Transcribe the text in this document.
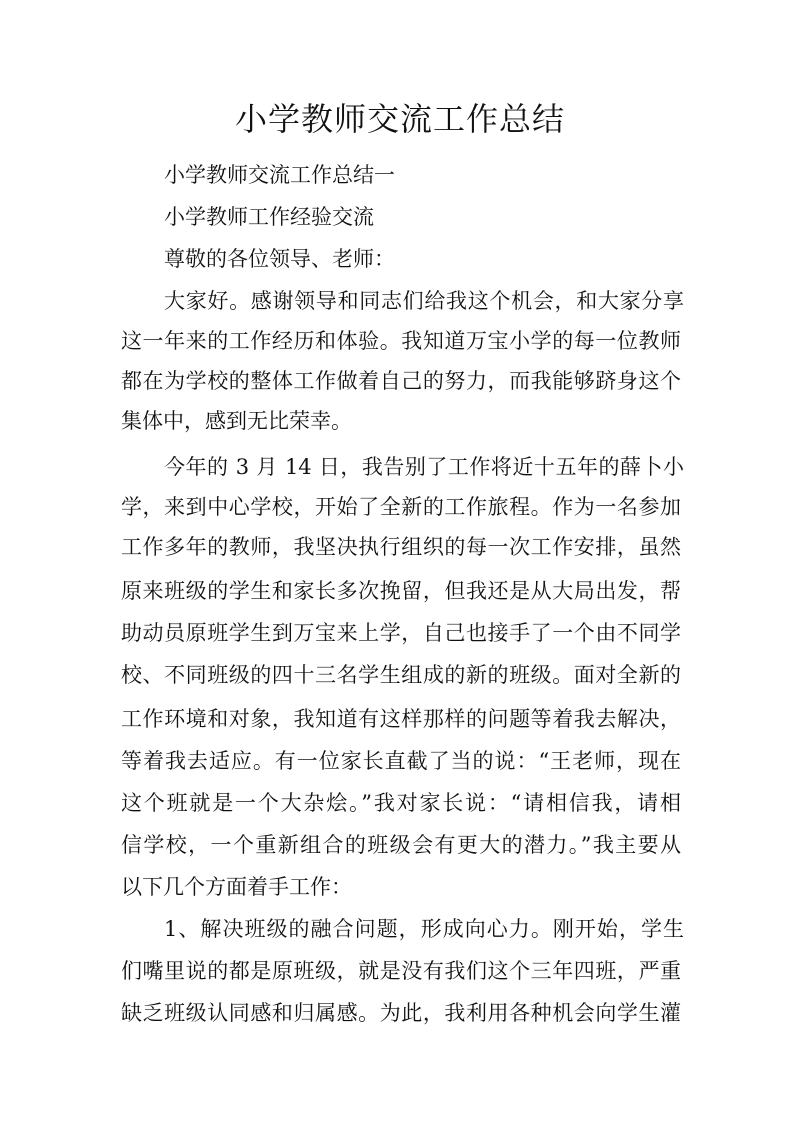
小学教师交流工作总结

小学教师交流工作总结一

小学教师工作经验交流

尊敬的各位领导、老师：

大家好。感谢领导和同志们给我这个机会，和大家分享

这一年来的工作经历和体验。我知道万宝小学的每一位教师

都在为学校的整体工作做着自己的努力，而我能够跻身这个

集体中，感到无比荣幸。

今年的 3 月 14 日，我告别了工作将近十五年的薛卜小

学，来到中心学校，开始了全新的工作旅程。作为一名参加

工作多年的教师，我坚决执行组织的每一次工作安排，虽然

原来班级的学生和家长多次挽留，但我还是从大局出发，帮

助动员原班学生到万宝来上学，自己也接手了一个由不同学

校、不同班级的四十三名学生组成的新的班级。面对全新的

工作环境和对象，我知道有这样那样的问题等着我去解决，

等着我去适应。有一位家长直截了当的说：“王老师，现在

这个班就是一个大杂烩。”我对家长说：“请相信我，请相

信学校，一个重新组合的班级会有更大的潜力。”我主要从

以下几个方面着手工作：

1、解决班级的融合问题，形成向心力。刚开始，学生

们嘴里说的都是原班级，就是没有我们这个三年四班，严重

缺乏班级认同感和归属感。为此，我利用各种机会向学生灌
